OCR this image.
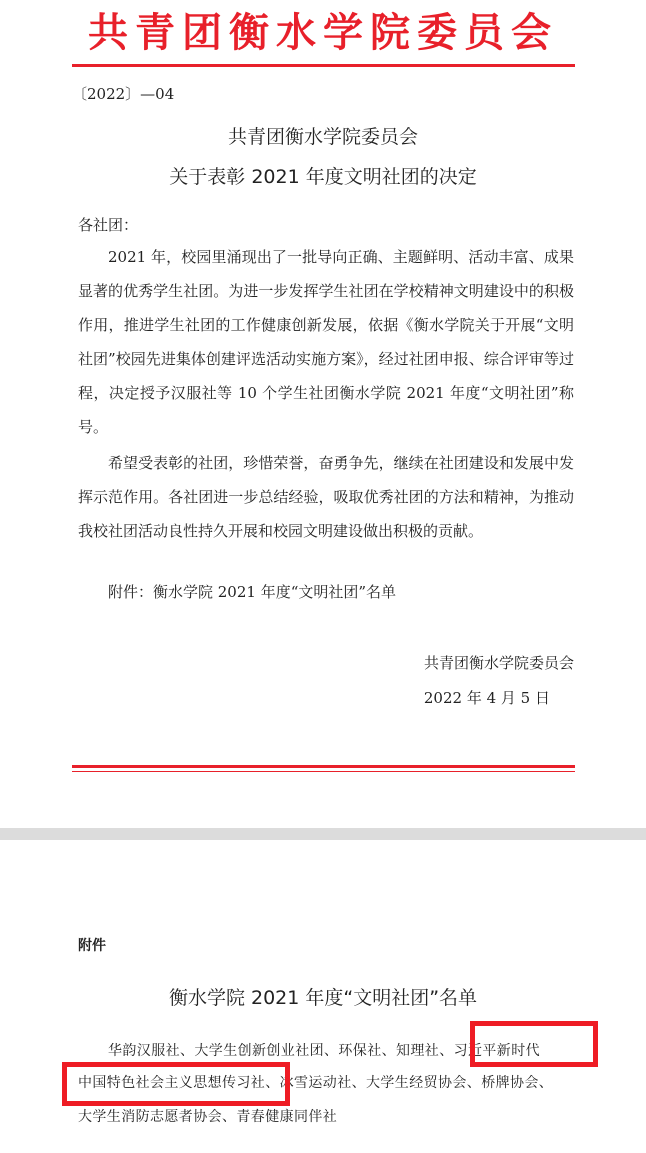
共青团衡水学院委员会
〔2022〕—04
共青团衡水学院委员会
关于表彰 2021 年度文明社团的决定
各社团：

2021 年，校园里涌现出了一批导向正确、主题鲜明、活动丰富、成果显著的优秀学生社团。为进一步发挥学生社团在学校精神文明建设中的积极作用，推进学生社团的工作健康创新发展，依据《衡水学院关于开展“文明社团”校园先进集体创建评选活动实施方案》，经过社团申报、综合评审等过程，决定授予汉服社等 10 个学生社团衡水学院 2021 年度“文明社团”称号。

希望受表彰的社团，珍惜荣誉，奋勇争先，继续在社团建设和发展中发挥示范作用。各社团进一步总结经验，吸取优秀社团的方法和精神，为推动我校社团活动良性持久开展和校园文明建设做出积极的贡献。

附件：衡水学院 2021 年度“文明社团”名单
共青团衡水学院委员会
2022 年 4 月 5 日
附件
衡水学院 2021 年度“文明社团”名单
华韵汉服社、大学生创新创业社团、环保社、知理社、习近平新时代
中国特色社会主义思想传习社、冰雪运动社、大学生经贸协会、桥牌协会、
大学生消防志愿者协会、青春健康同伴社
